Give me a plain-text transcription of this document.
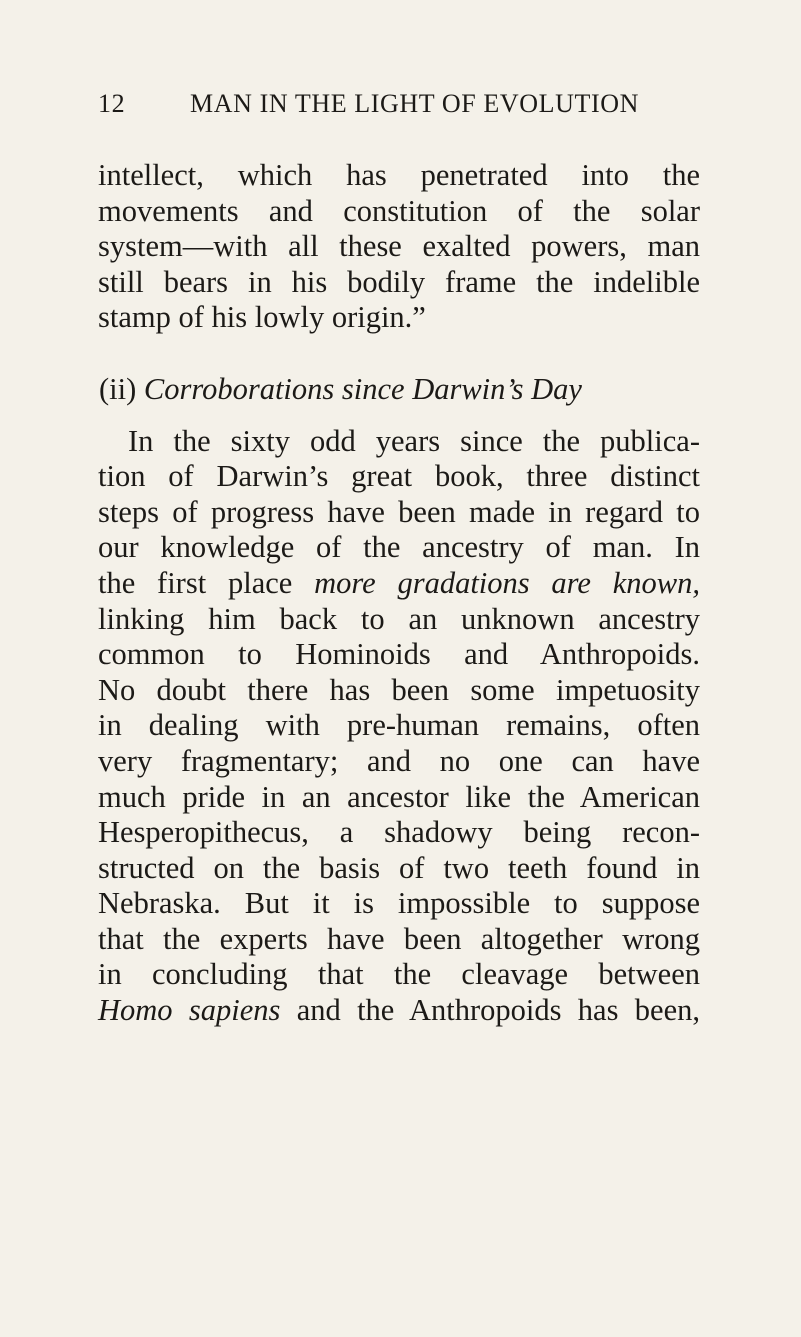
12 MAN IN THE LIGHT OF EVOLUTION
intellect, which has penetrated into the
movements and constitution of the solar
system—with all these exalted powers, man
still bears in his bodily frame the indelible
stamp of his lowly origin.”
(ii) Corroborations since Darwin’s Day
In the sixty odd years since the publica-
tion of Darwin’s great book, three distinct
steps of progress have been made in regard to
our knowledge of the ancestry of man. In
the first place more gradations are known,
linking him back to an unknown ancestry
common to Hominoids and Anthropoids.
No doubt there has been some impetuosity
in dealing with pre-human remains, often
very fragmentary; and no one can have
much pride in an ancestor like the American
Hesperopithecus, a shadowy being recon-
structed on the basis of two teeth found in
Nebraska. But it is impossible to suppose
that the experts have been altogether wrong
in concluding that the cleavage between
Homo sapiens and the Anthropoids has been,
